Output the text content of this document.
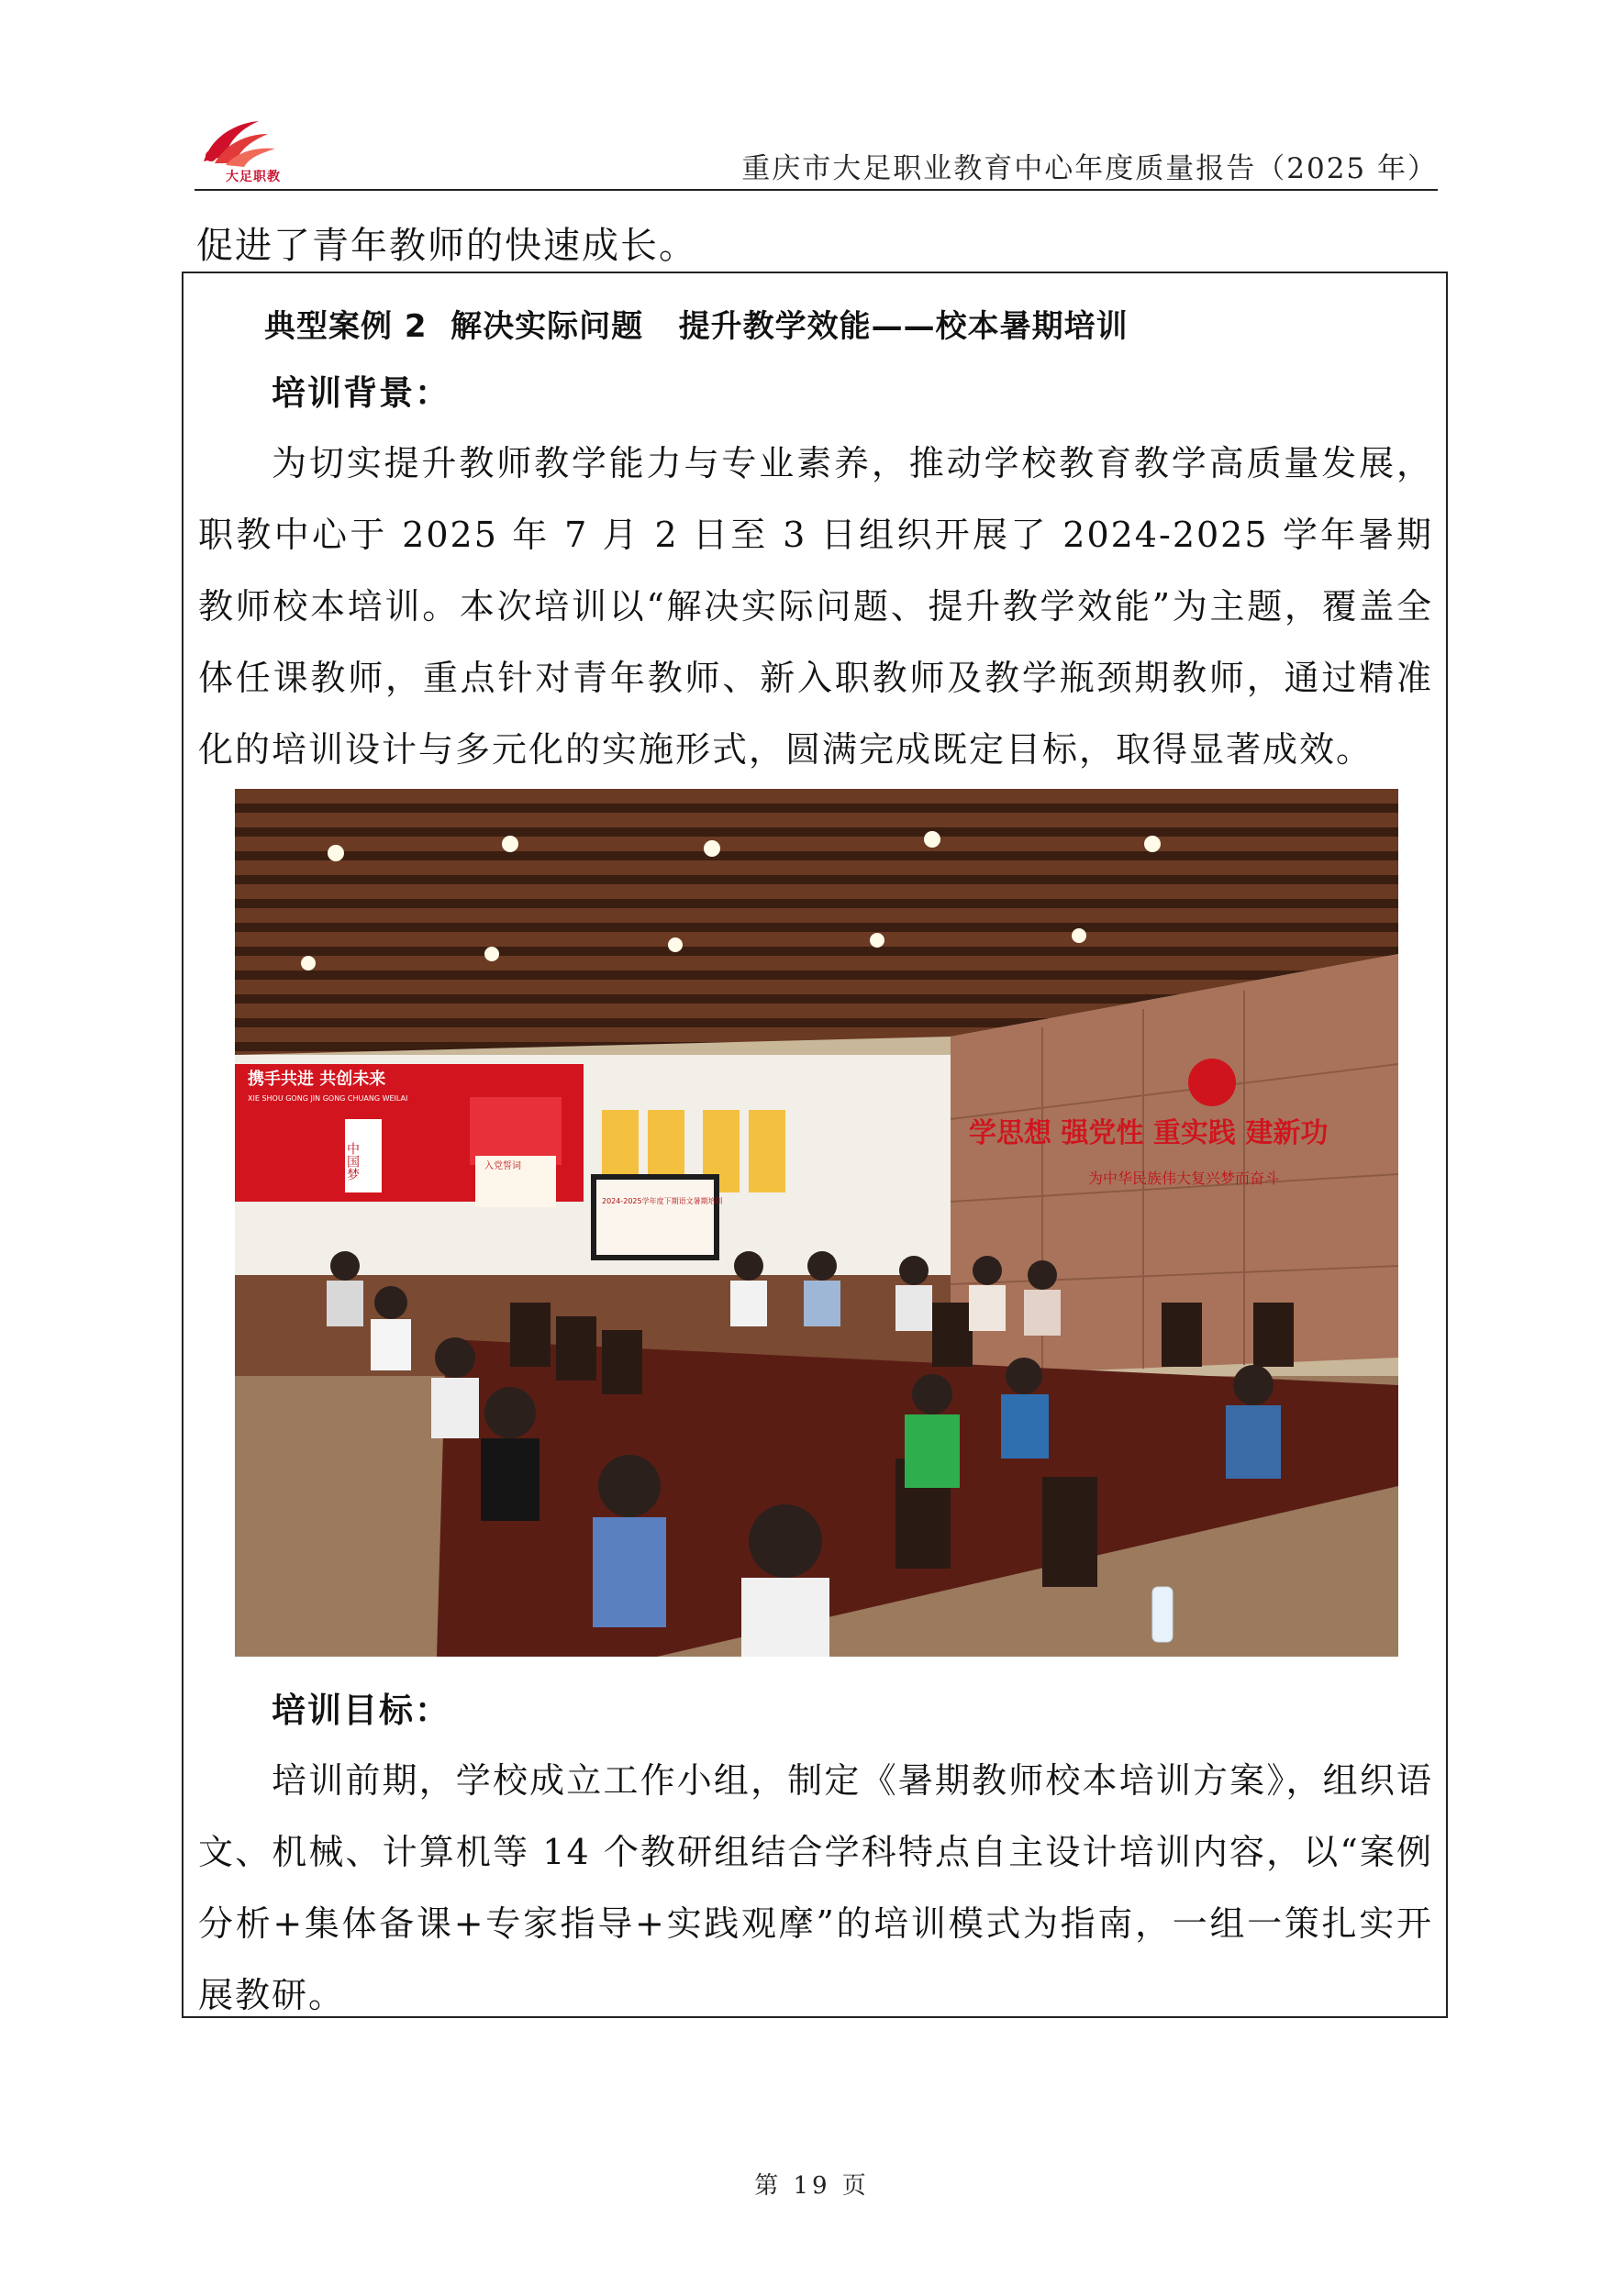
大足职教	重庆市大足职业教育中心年度质量报告（2025 年）
促进了青年教师的快速成长。
典型案例 2  解决实际问题   提升教学效能——校本暑期培训
培训背景：
为切实提升教师教学能力与专业素养，推动学校教育教学高质量发展，职教中心于 2025 年 7 月 2 日至 3 日组织开展了 2024-2025 学年暑期教师校本培训。本次培训以“解决实际问题、提升教学效能”为主题，覆盖全体任课教师，重点针对青年教师、新入职教师及教学瓶颈期教师，通过精准化的培训设计与多元化的实施形式，圆满完成既定目标，取得显著成效。
携手共进 共创未来
XIE SHOU GONG JIN GONG CHUANG WEILAI
中国梦	入党誓词
2024-2025学年度下期语文暑期培训
学思想 强党性 重实践 建新功
为中华民族伟大复兴梦而奋斗
培训目标：
培训前期，学校成立工作小组，制定《暑期教师校本培训方案》，组织语文、机械、计算机等 14 个教研组结合学科特点自主设计培训内容，以“案例分析+集体备课+专家指导+实践观摩”的培训模式为指南，一组一策扎实开展教研。
第 19 页
